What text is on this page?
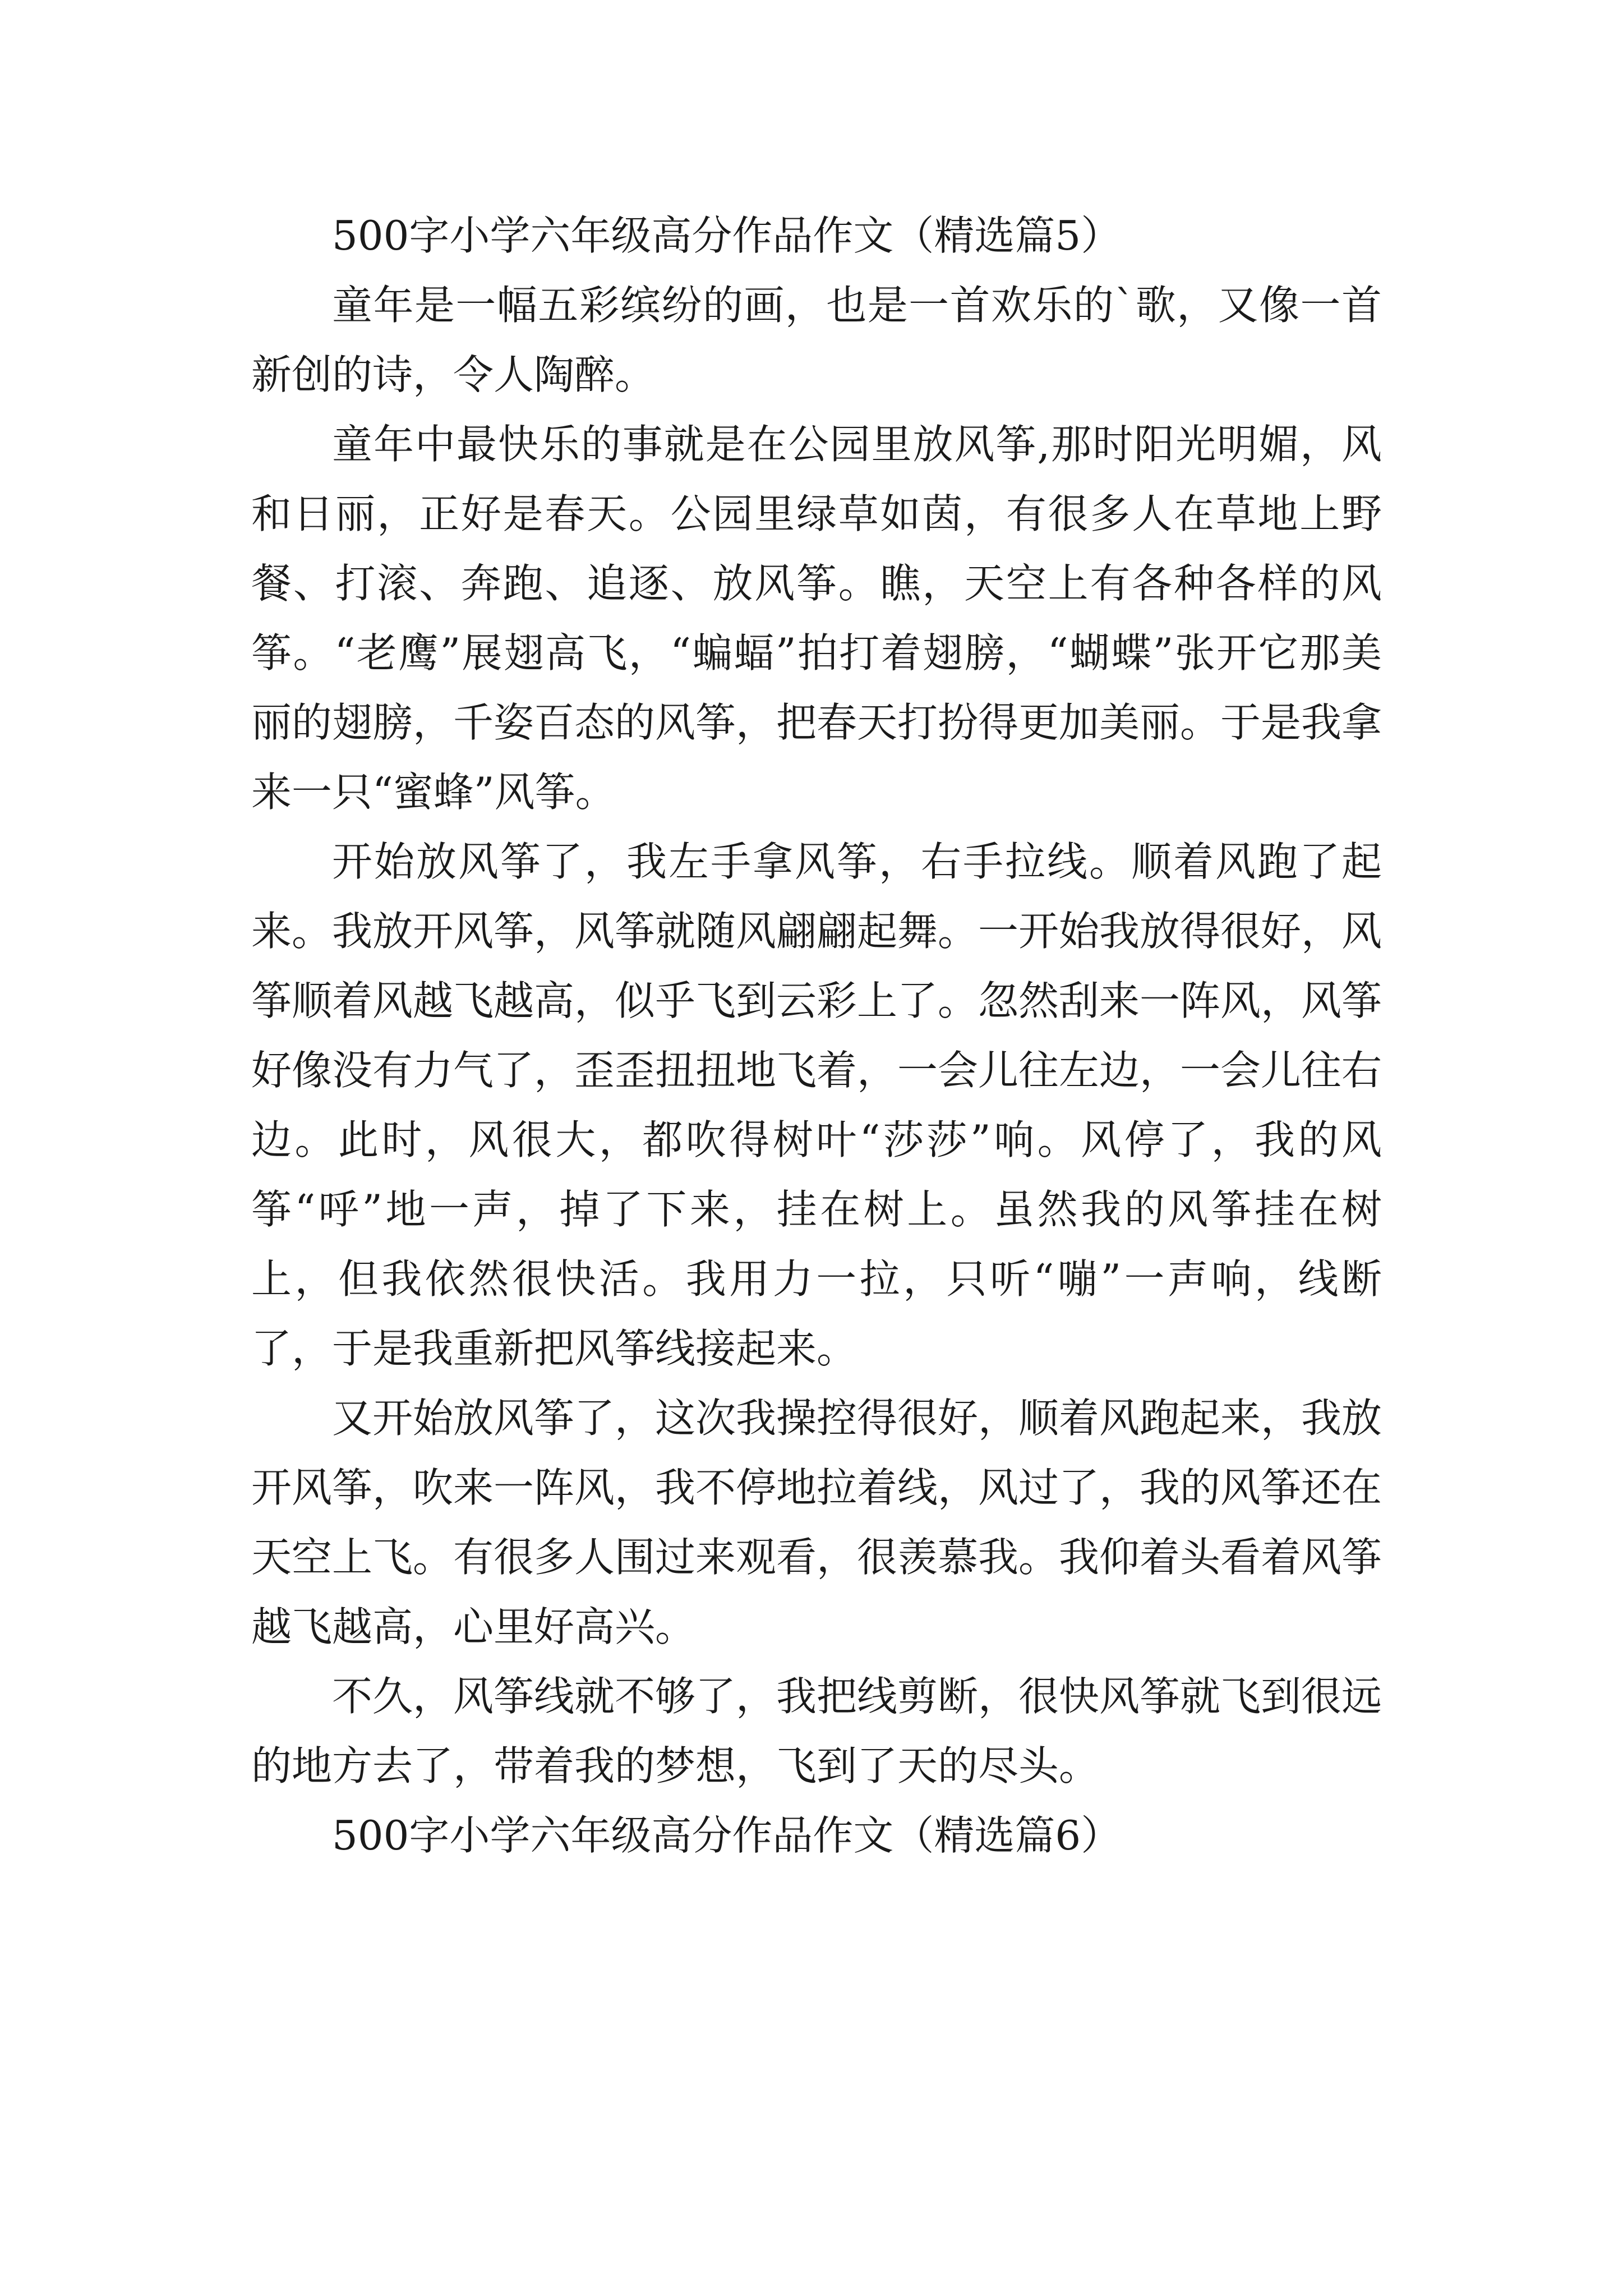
500字小学六年级高分作品作文（精选篇5）

童年是一幅五彩缤纷的画，也是一首欢乐的`歌，又像一首新创的诗，令人陶醉。

童年中最快乐的事就是在公园里放风筝,那时阳光明媚，风和日丽，正好是春天。公园里绿草如茵，有很多人在草地上野餐、打滚、奔跑、追逐、放风筝。瞧，天空上有各种各样的风筝。“老鹰”展翅高飞，“蝙蝠”拍打着翅膀，“蝴蝶”张开它那美丽的翅膀，千姿百态的风筝，把春天打扮得更加美丽。于是我拿来一只“蜜蜂”风筝。

开始放风筝了，我左手拿风筝，右手拉线。顺着风跑了起来。我放开风筝，风筝就随风翩翩起舞。一开始我放得很好，风筝顺着风越飞越高，似乎飞到云彩上了。忽然刮来一阵风，风筝好像没有力气了，歪歪扭扭地飞着，一会儿往左边，一会儿往右边。此时，风很大，都吹得树叶“莎莎”响。风停了，我的风筝“呼”地一声，掉了下来，挂在树上。虽然我的风筝挂在树上，但我依然很快活。我用力一拉，只听“嘣”一声响，线断了，于是我重新把风筝线接起来。

又开始放风筝了，这次我操控得很好，顺着风跑起来，我放开风筝，吹来一阵风，我不停地拉着线，风过了，我的风筝还在天空上飞。有很多人围过来观看，很羡慕我。我仰着头看着风筝越飞越高，心里好高兴。

不久，风筝线就不够了，我把线剪断，很快风筝就飞到很远的地方去了，带着我的梦想，飞到了天的尽头。

500字小学六年级高分作品作文（精选篇6）
